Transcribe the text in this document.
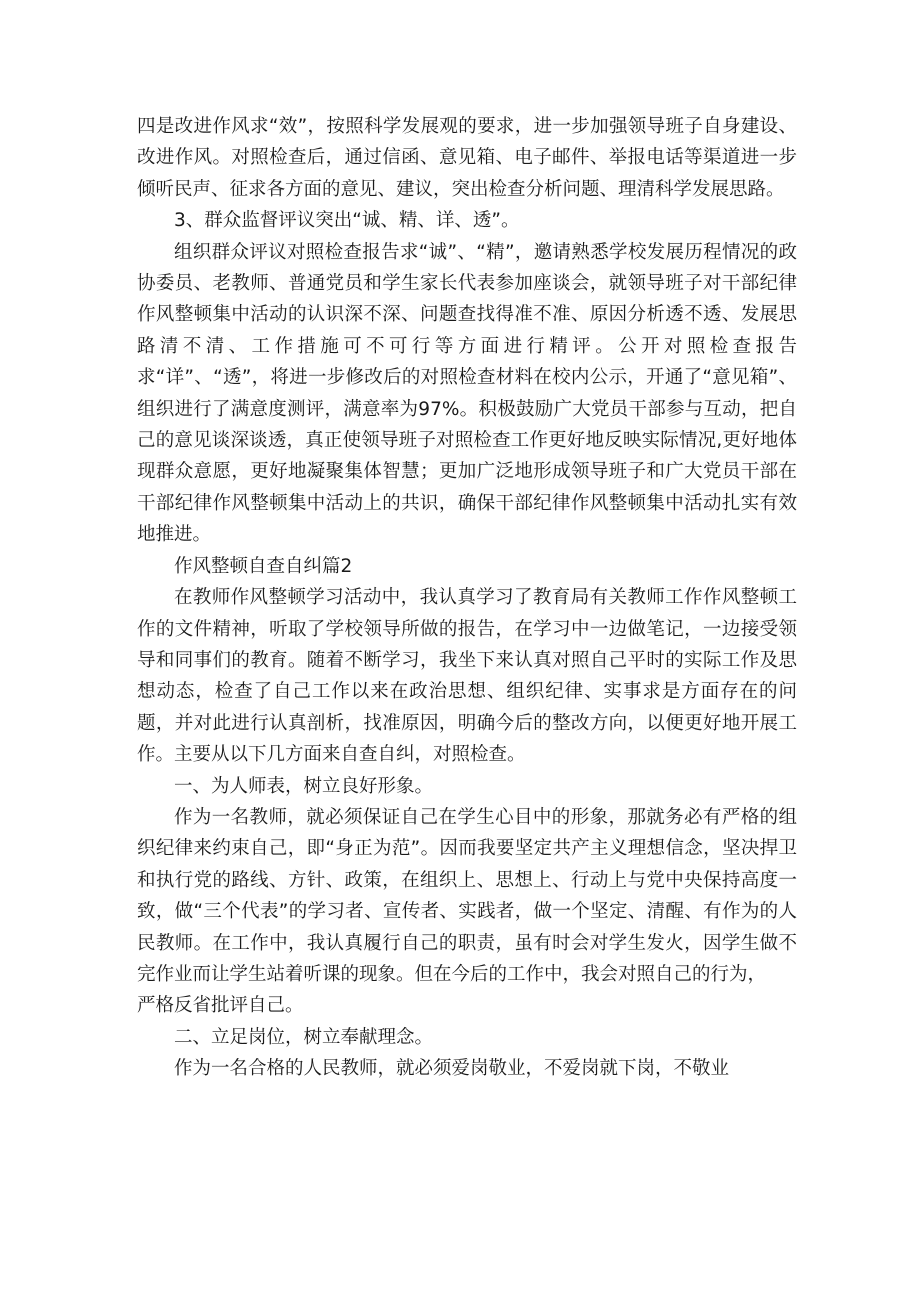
四是改进作风求“效”，按照科学发展观的要求，进一步加强领导班子自身建设、改进作风。对照检查后，通过信函、意见箱、电子邮件、举报电话等渠道进一步倾听民声、征求各方面的意见、建议，突出检查分析问题、理清科学发展思路。

3、群众监督评议突出“诚、精、详、透”。

组织群众评议对照检查报告求“诚”、“精”，邀请熟悉学校发展历程情况的政协委员、老教师、普通党员和学生家长代表参加座谈会，就领导班子对干部纪律作风整顿集中活动的认识深不深、问题查找得准不准、原因分析透不透、发展思路清不清、工作措施可不可行等方面进行精评。公开对照检查报告求“详”、“透”，将进一步修改后的对照检查材料在校内公示，开通了“意见箱”、组织进行了满意度测评，满意率为97%。积极鼓励广大党员干部参与互动，把自己的意见谈深谈透，真正使领导班子对照检查工作更好地反映实际情况,更好地体现群众意愿，更好地凝聚集体智慧；更加广泛地形成领导班子和广大党员干部在干部纪律作风整顿集中活动上的共识，确保干部纪律作风整顿集中活动扎实有效地推进。

作风整顿自查自纠篇2

在教师作风整顿学习活动中，我认真学习了教育局有关教师工作作风整顿工作的文件精神，听取了学校领导所做的报告，在学习中一边做笔记，一边接受领导和同事们的教育。随着不断学习，我坐下来认真对照自己平时的实际工作及思想动态，检查了自己工作以来在政治思想、组织纪律、实事求是方面存在的问题，并对此进行认真剖析，找准原因，明确今后的整改方向，以便更好地开展工作。主要从以下几方面来自查自纠，对照检查。

一、为人师表，树立良好形象。

作为一名教师，就必须保证自己在学生心目中的形象，那就务必有严格的组织纪律来约束自己，即“身正为范”。因而我要坚定共产主义理想信念，坚决捍卫和执行党的路线、方针、政策，在组织上、思想上、行动上与党中央保持高度一致，做“三个代表”的学习者、宣传者、实践者，做一个坚定、清醒、有作为的人民教师。在工作中，我认真履行自己的职责，虽有时会对学生发火，因学生做不完作业而让学生站着听课的现象。但在今后的工作中，我会对照自己的行为，

严格反省批评自己。

二、立足岗位，树立奉献理念。

作为一名合格的人民教师，就必须爱岗敬业，不爱岗就下岗，不敬业
